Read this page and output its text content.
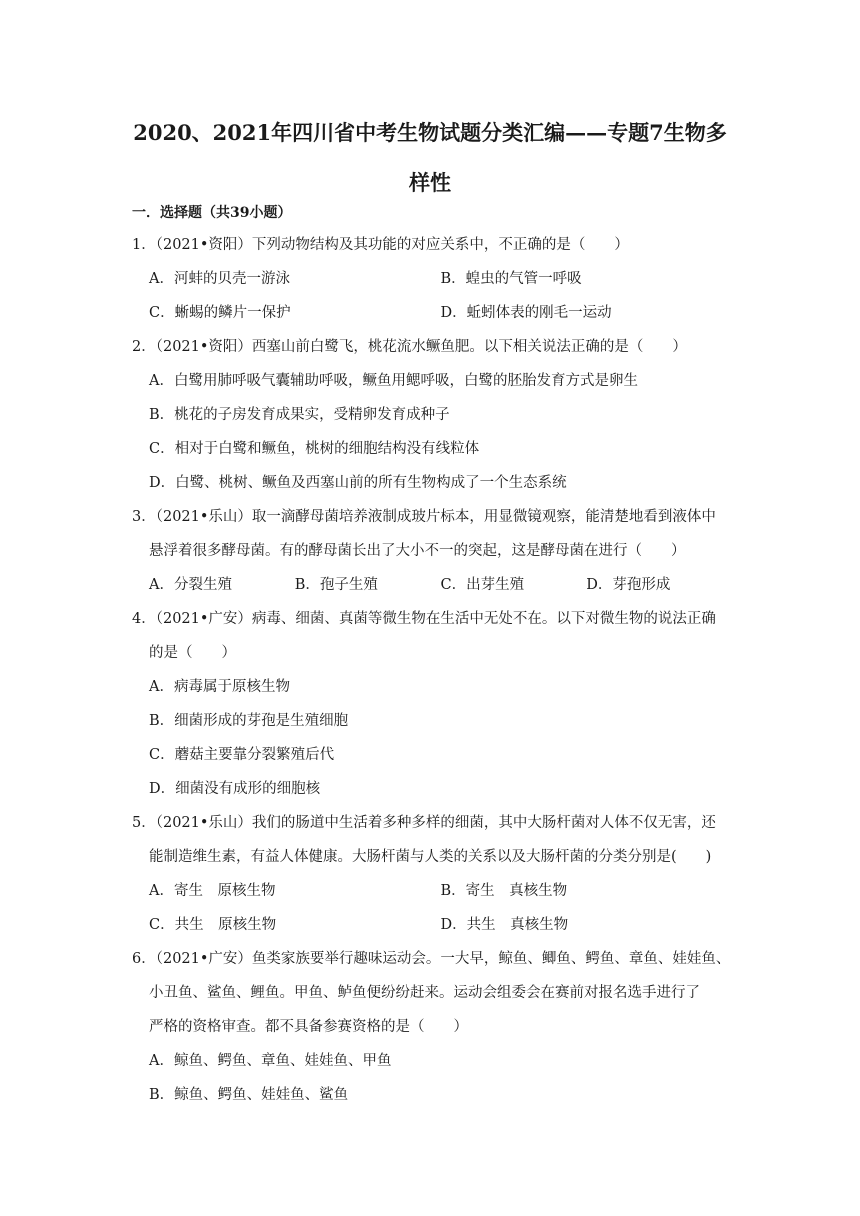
2020、2021年四川省中考生物试题分类汇编——专题7生物多
样性
一．选择题（共39小题）
1．（2021•资阳）下列动物结构及其功能的对应关系中，不正确的是（　　）
A．河蚌的贝壳一游泳	B．蝗虫的气管一呼吸
C．蜥蜴的鳞片一保护	D．蚯蚓体表的刚毛一运动
2．（2021•资阳）西塞山前白鹭飞，桃花流水鳜鱼肥。以下相关说法正确的是（　　）
A．白鹭用肺呼吸气囊辅助呼吸，鳜鱼用鳃呼吸，白鹭的胚胎发育方式是卵生
B．桃花的子房发育成果实，受精卵发育成种子
C．相对于白鹭和鳜鱼，桃树的细胞结构没有线粒体
D．白鹭、桃树、鳜鱼及西塞山前的所有生物构成了一个生态系统
3．（2021•乐山）取一滴酵母菌培养液制成玻片标本，用显微镜观察，能清楚地看到液体中
悬浮着很多酵母菌。有的酵母菌长出了大小不一的突起，这是酵母菌在进行（　　）
A．分裂生殖	B．孢子生殖	C．出芽生殖	D．芽孢形成
4．（2021•广安）病毒、细菌、真菌等微生物在生活中无处不在。以下对微生物的说法正确
的是（　　）
A．病毒属于原核生物
B．细菌形成的芽孢是生殖细胞
C．蘑菇主要靠分裂繁殖后代
D．细菌没有成形的细胞核
5．（2021•乐山）我们的肠道中生活着多种多样的细菌，其中大肠杆菌对人体不仅无害，还
能制造维生素，有益人体健康。大肠杆菌与人类的关系以及大肠杆菌的分类分别是(　　)
A．寄生　原核生物	B．寄生　真核生物
C．共生　原核生物	D．共生　真核生物
6．（2021•广安）鱼类家族要举行趣味运动会。一大早，鲸鱼、鲫鱼、鳄鱼、章鱼、娃娃鱼、
小丑鱼、鲨鱼、鲤鱼。甲鱼、鲈鱼便纷纷赶来。运动会组委会在赛前对报名选手进行了
严格的资格审查。都不具备参赛资格的是（　　）
A．鲸鱼、鳄鱼、章鱼、娃娃鱼、甲鱼
B．鲸鱼、鳄鱼、娃娃鱼、鲨鱼
